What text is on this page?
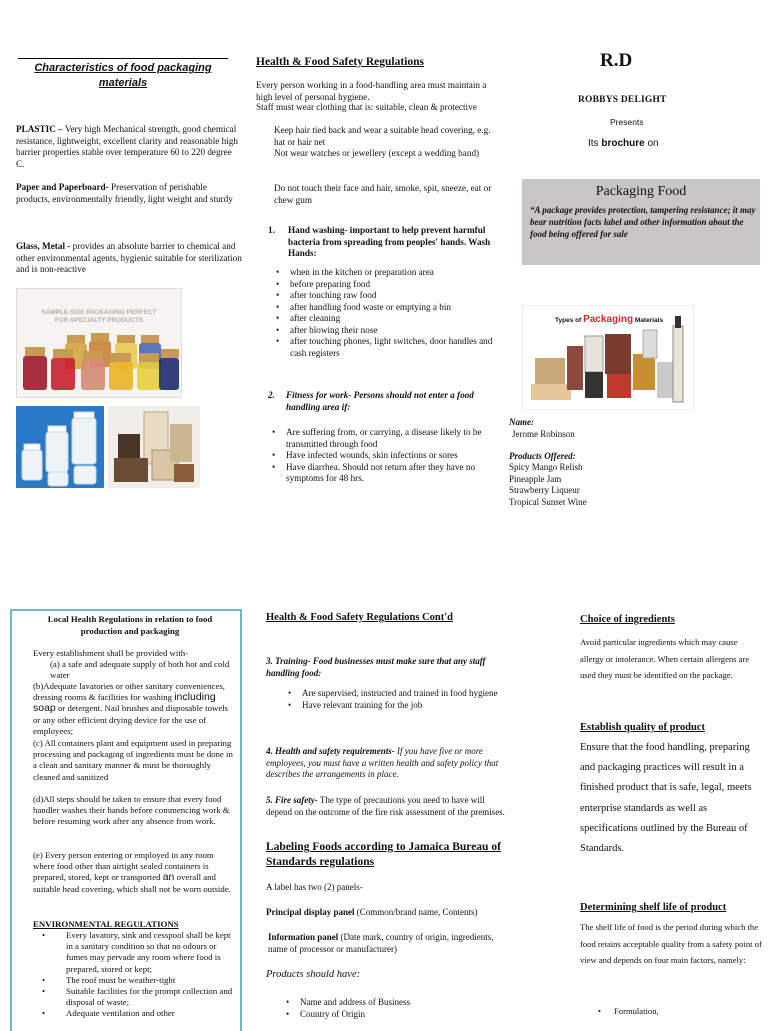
Characteristics of food packaging materials

PLASTIC – Very high Mechanical strength, good chemical resistance, lightweight, excellent clarity and reasonable high barrier properties stable over temperature 60 to 220 degree C.

Paper and Paperboard- Preservation of perishable products, environmentally friendly, light weight and sturdy

Glass, Metal - provides an absolute barrier to chemical and other environmental agents, hygienic suitable for sterilization and is non-reactive

SAMPLE-SIZE PACKAGING PERFECT
FOR SPECIALTY PRODUCTS
Health & Food Safety Regulations

Every person working in a food-handling area must maintain a high level of personal hygiene.

Staff must wear clothing that is: suitable, clean & protective

Keep hair tied back and wear a suitable head covering, e.g. hat or hair net

Not wear watches or jewellery (except a wedding band)

Do not touch their face and hair, smoke, spit, sneeze, eat or chew gum

1. Hand washing- important to help prevent harmful bacteria from spreading from peoples' hands. Wash Hands:
• when in the kitchen or preparation area
• before preparing food
• after touching raw food
• after handling food waste or emptying a bin
• after cleaning
• after blowing their nose
• after touching phones, light switches, door handles and cash registers
2. Fitness for work- Persons should not enter a food handling area if:
• Are suffering from, or carrying, a disease likely to be transmitted through food
• Have infected wounds, skin infections or sores
• Have diarrhea. Should not return after they have no symptoms for 48 hrs.
R.D
ROBBYS DELIGHT
Presents
Its brochure on
Packaging Food
“A package provides protection, tampering resistance; it may bear nutrition facts label and other information about the food being offered for sale
Types of Packaging Materials

Name:

Jerome Robinson

Products Offered:

Spicy Mango Relish

Pineapple Jam

Strawberry Liqueur

Tropical Sunset Wine

Local Health Regulations in relation to food production and packaging

Every establishment shall be provided with-

(a) a safe and adequate supply of both hot and cold water

(b)Adequate lavatories or other sanitary conveniences, dressing rooms & facilities for washing including soap or detergent. Nail brushes and disposable towels or any other efficient drying device for the use of employees;

(c) All containers plant and equipment used in preparing processing and packaging of ingredients must be done in a clean and sanitary manner & must be thoroughly cleaned and sanitized

(d)All steps should be taken to ensure that every food handler washes their hands before commencing work & before resuming work after any absence from work.

(e) Every person entering or employed in any room where food other than airtight sealed containers is prepared, stored, kept or transported an overall and suitable head covering, which shall not be worn outside.

ENVIRONMENTAL REGULATIONS

• Every lavatory, sink and cesspool shall be kept in a sanitary condition so that no odours or fumes may pervade any room where food is prepared, stored or kept;
• The roof must be weather-tight
• Suitable facilities for the prompt collection and disposal of waste;
• Adequate ventilation and other
Health & Food Safety Regulations Cont'd

3. Training- Food businesses must make sure that any staff handling food:

• Are supervised, instructed and trained in food hygiene
• Have relevant training for the job

4. Health and safety requirements- If you have five or more employees, you must have a written health and safety policy that describes the arrangements in place.

5. Fire safety- The type of precautions you need to have will depend on the outcome of the fire risk assessment of the premises.

Labeling Foods according to Jamaica Bureau of Standards regulations

A label has two (2) panels-

Principal display panel (Common/brand name, Contents)

Information panel (Date mark, country of origin, ingredients, name of processor or manufacturer)

Products should have:

• Name and address of Business
• Country of Origin
Choice of ingredients

Avoid particular ingredients which may cause allergy or intolerance. When certain allergens are used they must be identified on the package.

Establish quality of product

Ensure that the food handling, preparing and packaging practices will result in a finished product that is safe, legal, meets enterprise standards as well as specifications outlined by the Bureau of Standards.

Determining shelf life of product

The shelf life of food is the period during which the food retains acceptable quality from a safety point of view and depends on four main factors, namely:

• Formulation,
